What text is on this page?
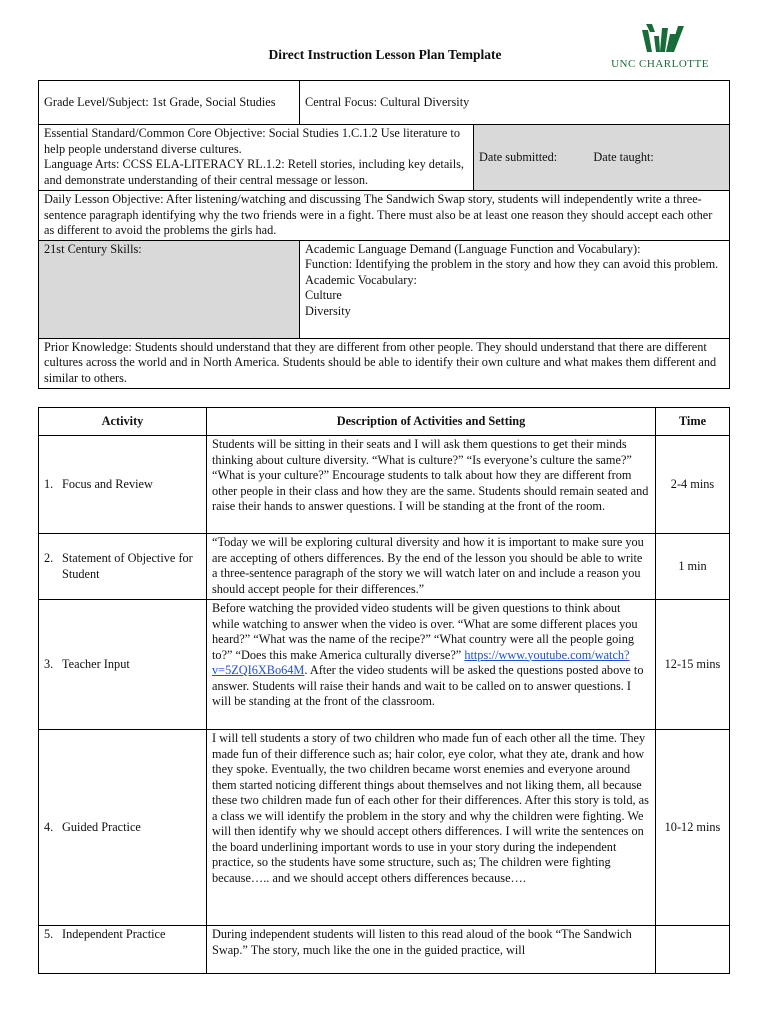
Direct Instruction Lesson Plan Template
UNC CHARLOTTE
Grade Level/Subject: 1st Grade, Social Studies	Central Focus: Cultural Diversity	

Essential Standard/Common Core Objective: Social Studies 1.C.1.2 Use literature to help people understand diverse cultures.
Language Arts: CCSS ELA-LITERACY RL.1.2: Retell stories, including key details, and demonstrate understanding of their central message or lesson.		Date submitted: Date taught:
Daily Lesson Objective: After listening/watching and discussing The Sandwich Swap story, students will independently write a three-sentence paragraph identifying why the two friends were in a fight. There must also be at least one reason they should accept each other as different to avoid the problems the girls had.		
21st Century Skills:	Academic Language Demand (Language Function and Vocabulary):
Function: Identifying the problem in the story and how they can avoid this problem.
Academic Vocabulary:
Culture
Diversity	

Prior Knowledge: Students should understand that they are different from other people. They should understand that there are different cultures across the world and in North America. Students should be able to identify their own culture and what makes them different and similar to others.		
Activity	Description of Activities and Setting	Time

1. Focus and Review	Students will be sitting in their seats and I will ask them questions to get their minds thinking about culture diversity. “What is culture?” “Is everyone’s culture the same?” “What is your culture?” Encourage students to talk about how they are different from other people in their class and how they are the same. Students should remain seated and raise their hands to answer questions. I will be standing at the front of the room.	2-4 mins

2. Statement of Objective for Student	“Today we will be exploring cultural diversity and how it is important to make sure you are accepting of others differences. By the end of the lesson you should be able to write a three-sentence paragraph of the story we will watch later on and include a reason you should accept people for their differences.”	1 min

3. Teacher Input	Before watching the provided video students will be given questions to think about while watching to answer when the video is over. “What are some different places you heard?” “What was the name of the recipe?” “What country were all the people going to?” “Does this make America culturally diverse?” https://www.youtube.com/watch?v=5ZQI6XBo64M. After the video students will be asked the questions posted above to answer. Students will raise their hands and wait to be called on to answer questions. I will be standing at the front of the classroom.	12-15 mins

4. Guided Practice	I will tell students a story of two children who made fun of each other all the time. They made fun of their difference such as; hair color, eye color, what they ate, drank and how they spoke. Eventually, the two children became worst enemies and everyone around them started noticing different things about themselves and not liking them, all because these two children made fun of each other for their differences. After this story is told, as a class we will identify the problem in the story and why the children were fighting. We will then identify why we should accept others differences. I will write the sentences on the board underlining important words to use in your story during the independent practice, so the students have some structure, such as; The children were fighting because….. and we should accept others differences because….	10-12 mins

5. Independent Practice	During independent students will listen to this read aloud of the book “The Sandwich Swap.” The story, much like the one in the guided practice, will	
